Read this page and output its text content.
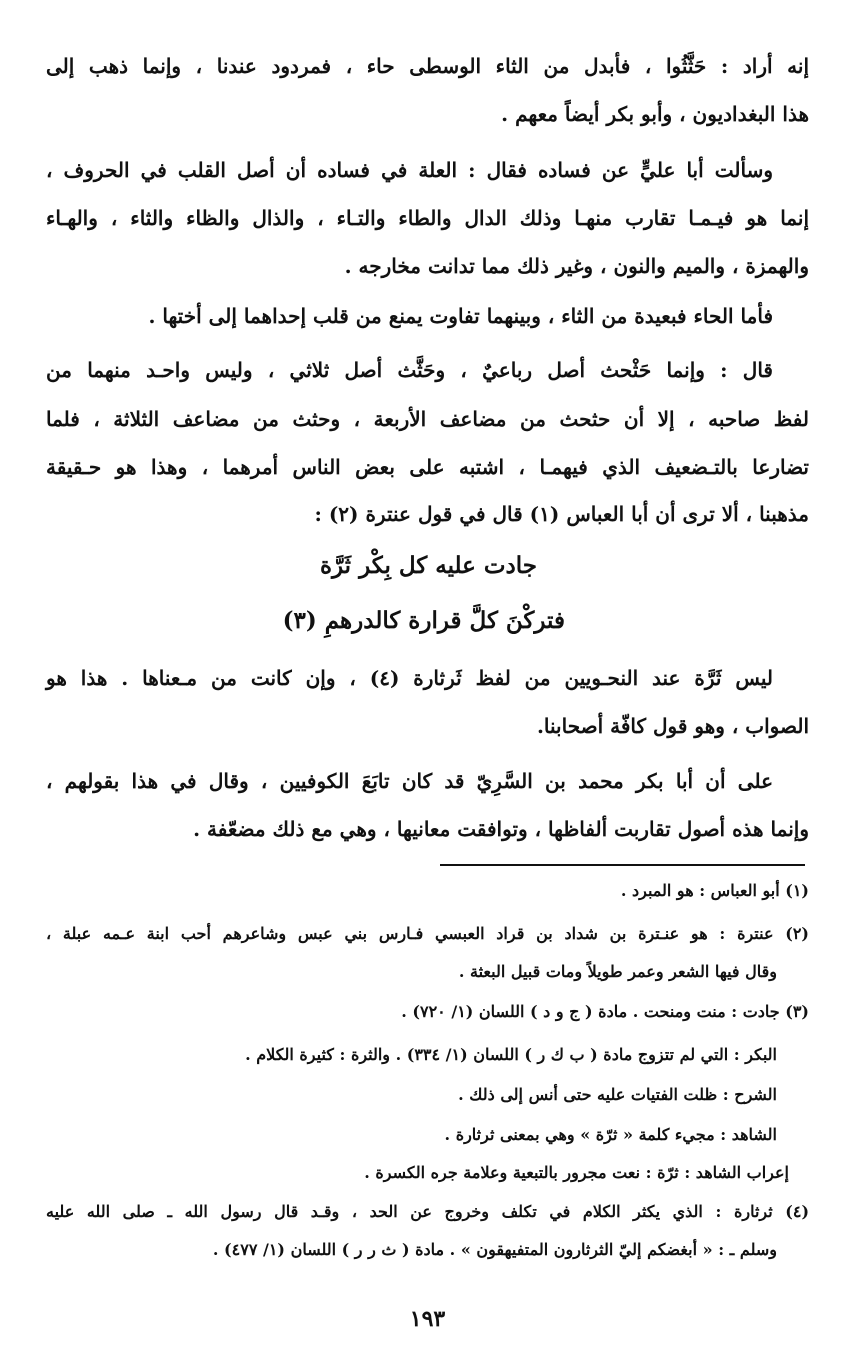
إنه أراد : حَثَّثُوا ، فأبدل من الثاء الوسطى حاء ، فمردود عندنا ، وإنما ذهب إلى
هذا البغداديون ، وأبو بكر أيضاً معهم .
وسألت أبا عليٍّ عن فساده فقال : العلة في فساده أن أصل القلب في الحروف ،
إنما هو فيـمـا تقارب منهـا وذلك الدال والطاء والتـاء ، والذال والظاء والثاء ، والهـاء
والهمزة ، والميم والنون ، وغير ذلك مما تدانت مخارجه .
فأما الحاء فبعيدة من الثاء ، وبينهما تفاوت يمنع من قلب إحداهما إلى أختها .
قال : وإنما حَثْحث أصل رباعيٌ ، وحَثَّث أصل ثلاثي ، وليس واحـد منهما من
لفظ صاحبه ، إلا أن حثحث من مضاعف الأربعة ، وحثث من مضاعف الثلاثة ، فلما
تضارعا بالتـضعيف الذي فيهمـا ، اشتبه على بعض الناس أمرهما ، وهذا هو حـقيقة
مذهبنا ، ألا ترى أن أبا العباس (١) قال في قول عنترة (٢) :
جادت عليه كل بِكْر ثَرَّة
فتركْنَ كلَّ قرارة كالدرهمِ (٣)
ليس ثَرَّة عند النحـويين من لفظ ثَرثارة (٤) ، وإن كانت من مـعناها . هذا هو
الصواب ، وهو قول كافّة أصحابنا.
على أن أبا بكر محمد بن السَّرِيّ قد كان تابَعَ الكوفيين ، وقال في هذا بقولهم ،
وإنما هذه أصول تقاربت ألفاظها ، وتوافقت معانيها ، وهي مع ذلك مضعّفة .
(١) أبو العباس : هو المبرد .
(٢) عنترة : هو عنـترة بن شداد بن قراد العبسي فـارس بني عبس وشاعرهم أحب ابنة عـمه عبلة ،
وقال فيها الشعر وعمر طويلاً ومات قبيل البعثة .
(٣) جادت : منت ومنحت . مادة ( ج و د ) اللسان (١/ ٧٢٠) .
البكر : التي لم تتزوج مادة ( ب ك ر ) اللسان (١/ ٣٣٤) . والثرة : كثيرة الكلام .
الشرح : ظلت الفتيات عليه حتى أنس إلى ذلك .
الشاهد : مجيء كلمة « ثرّة » وهي بمعنى ثرثارة .
إعراب الشاهد : ثرّة : نعت مجرور بالتبعية وعلامة جره الكسرة .
(٤) ثرثارة : الذي يكثر الكلام في تكلف وخروج عن الحد ، وقـد قال رسول الله ـ صلى الله عليه
وسلم ـ : « أبغضكم إليّ الثرثارون المتفيهقون » . مادة ( ث ر ر ) اللسان (١/ ٤٧٧) .
١٩٣
